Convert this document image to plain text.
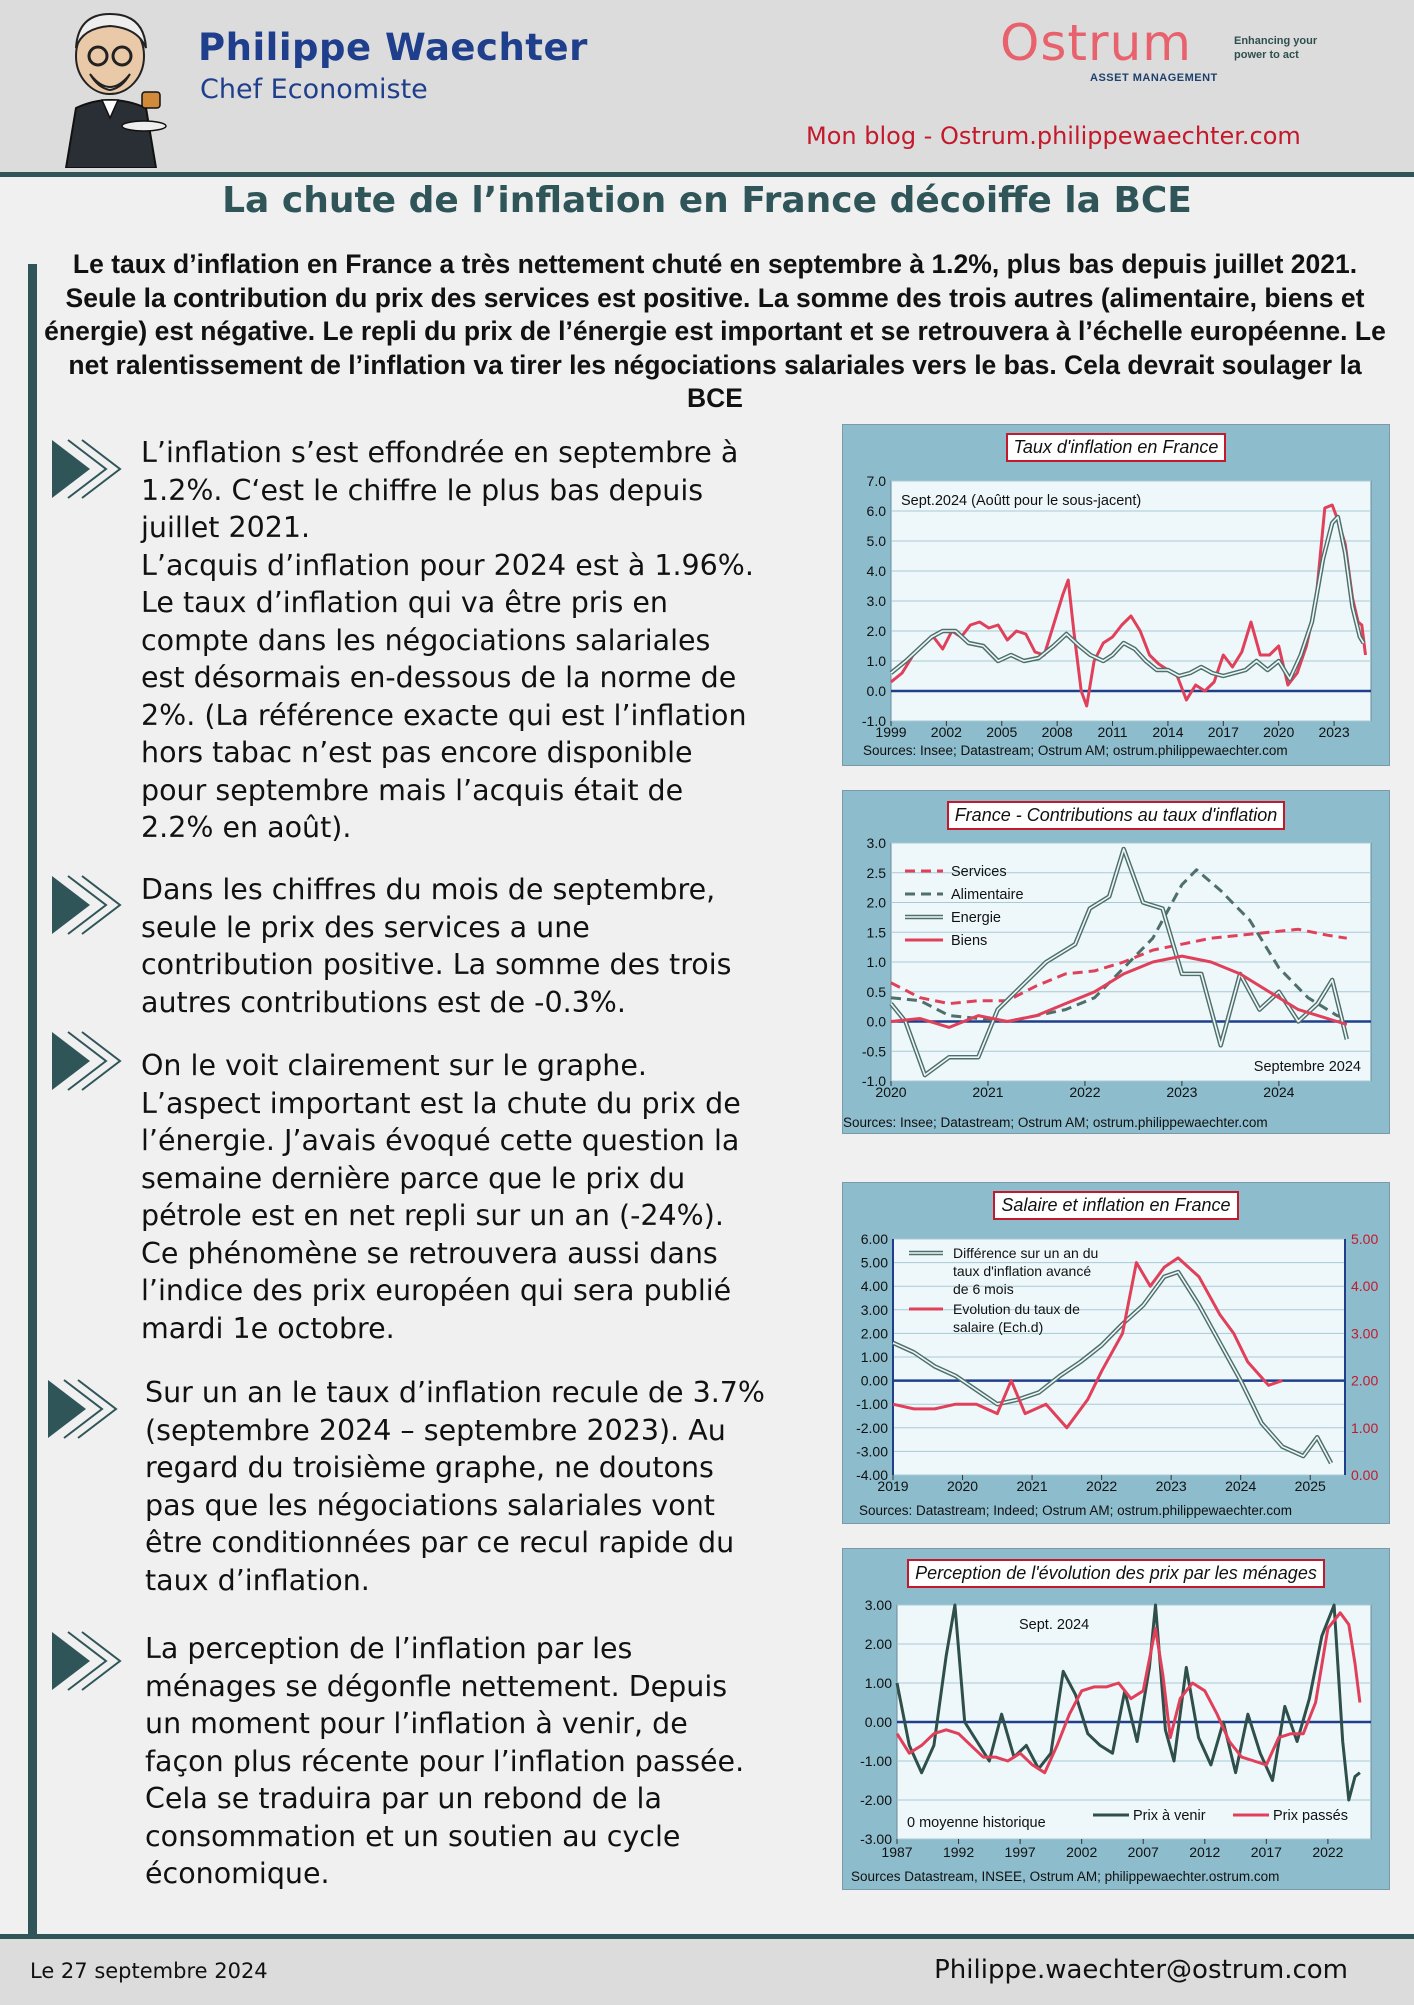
Philippe Waechter
Chef Economiste
Ostrum
ASSET MANAGEMENT
Enhancing your power to act
Mon blog - Ostrum.philippewaechter.com
La chute de l’inflation en France décoiffe la BCE
Le taux d’inflation en France a très nettement chuté en septembre à 1.2%, plus bas depuis juillet 2021. Seule la contribution du prix des services est positive. La somme des trois autres (alimentaire, biens et énergie) est négative. Le repli du prix de l’énergie est important et se retrouvera à l’échelle européenne. Le net ralentissement de l’inflation va tirer les négociations salariales vers le bas. Cela devrait soulager la BCE
L’inflation s’est effondrée en septembre à
1.2%. C‘est le chiffre le plus bas depuis
juillet 2021.
L’acquis d’inflation pour 2024 est à 1.96%.
Le taux d’inflation qui va être pris en
compte dans les négociations salariales
est désormais en-dessous de la norme de
2%. (La référence exacte qui est l’inflation
hors tabac n’est pas encore disponible
pour septembre mais l’acquis était de
2.2% en août).
Dans les chiffres du mois de septembre,
seule le prix des services a une
contribution positive. La somme des trois
autres contributions est de -0.3%.
On le voit clairement sur le graphe.
L’aspect important est la chute du prix de
l’énergie. J’avais évoqué cette question la
semaine dernière parce que le prix du
pétrole est en net repli sur un an (-24%).
Ce phénomène se retrouvera aussi dans
l’indice des prix européen qui sera publié
mardi 1e octobre.
Sur un an le taux d’inflation recule de 3.7%
(septembre 2024 – septembre 2023). Au
regard du troisième graphe, ne doutons
pas que les négociations salariales vont
être conditionnées par ce recul rapide du
taux d’inflation.
La perception de l’inflation par les
ménages se dégonfle nettement. Depuis
un moment pour l’inflation à venir, de
façon plus récente pour l’inflation passée.
Cela se traduira par un rebond de la
consommation et un soutien au cycle
économique.
Taux d'inflation en France
7.0
6.0
5.0
4.0
3.0
2.0
1.0
0.0
-1.0
1999 2002 2005 2008 2011 2014 2017 2020 2023
Sept.2024 (Aoûtt pour le sous-jacent)
Sources: Insee; Datastream; Ostrum AM; ostrum.philippewaechter.com
France - Contributions au taux d'inflation
3.0
2.5
2.0
1.5
1.0
0.5
0.0
-0.5
-1.0
2020	2021	2022	2023	2024
Services
Alimentaire
Energie
Biens
Septembre 2024
Sources: Insee; Datastream; Ostrum AM; ostrum.philippewaechter.com
Salaire et inflation en France
6.00
5.00
4.00
3.00
2.00
1.00
0.00
-1.00
-2.00
-3.00
-4.00
5.00
4.00
3.00
2.00
1.00
0.00
2019	2020	2021	2022	2023	2024	2025
Différence sur un an du
taux d'inflation avancé
de 6 mois
Evolution du taux de
salaire (Ech.d)
Sources: Datastream; Indeed; Ostrum AM; ostrum.philippewaechter.com
Perception de l'évolution des prix par les ménages
3.00
2.00
1.00
0.00
-1.00
-2.00
-3.00
1987 1992 1997 2002 2007 2012 2017 2022
Sept. 2024
0 moyenne historique	Prix à venir	Prix passés
Sources Datastream, INSEE, Ostrum AM; philippewaechter.ostrum.com
Le 27 septembre 2024	Philippe.waechter@ostrum.com
